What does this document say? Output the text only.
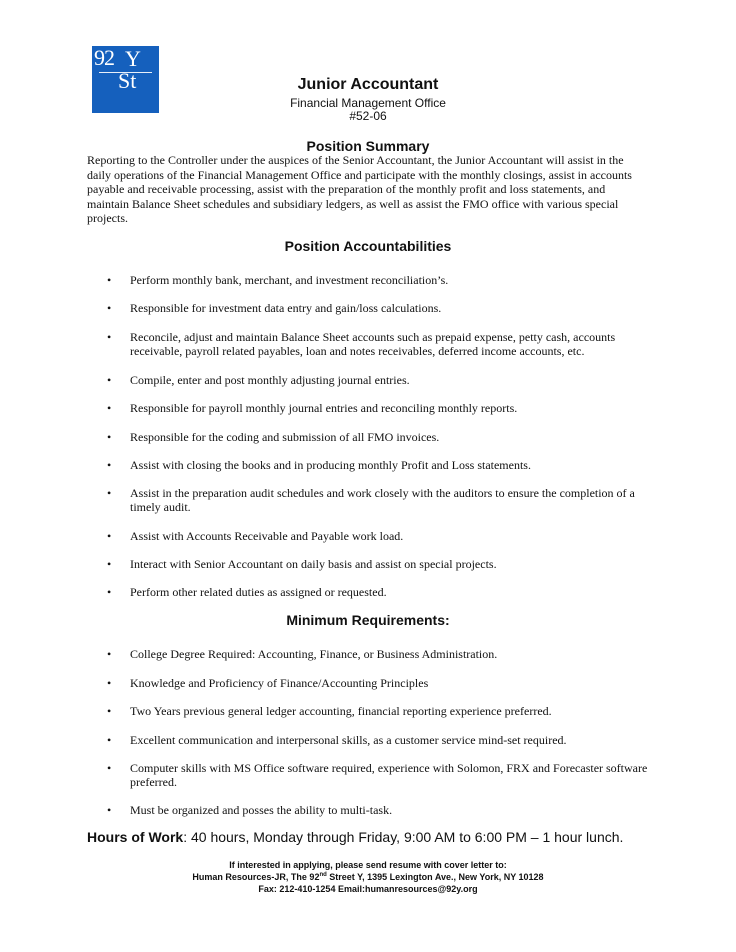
92 Y
St	Junior Accountant
Financial Management Office
#52-06
Position Summary
Reporting to the Controller under the auspices of the Senior Accountant, the Junior Accountant will assist in the daily operations of the Financial Management Office and participate with the monthly closings, assist in accounts payable and receivable processing, assist with the preparation of the monthly profit and loss statements, and maintain Balance Sheet schedules and subsidiary ledgers, as well as assist the FMO office with various special projects.
Position Accountabilities
• Perform monthly bank, merchant, and investment reconciliation’s.
• Responsible for investment data entry and gain/loss calculations.
• Reconcile, adjust and maintain Balance Sheet accounts such as prepaid expense, petty cash, accounts receivable, payroll related payables, loan and notes receivables, deferred income accounts, etc.
• Compile, enter and post monthly adjusting journal entries.
• Responsible for payroll monthly journal entries and reconciling monthly reports.
• Responsible for the coding and submission of all FMO invoices.
• Assist with closing the books and in producing monthly Profit and Loss statements.
• Assist in the preparation audit schedules and work closely with the auditors to ensure the completion of a timely audit.
• Assist with Accounts Receivable and Payable work load.
• Interact with Senior Accountant on daily basis and assist on special projects.
• Perform other related duties as assigned or requested.
Minimum Requirements:
• College Degree Required: Accounting, Finance, or Business Administration.
• Knowledge and Proficiency of Finance/Accounting Principles
• Two Years previous general ledger accounting, financial reporting experience preferred.
• Excellent communication and interpersonal skills, as a customer service mind-set required.
• Computer skills with MS Office software required, experience with Solomon, FRX and Forecaster software preferred.
• Must be organized and posses the ability to multi-task.
Hours of Work: 40 hours, Monday through Friday, 9:00 AM to 6:00 PM – 1 hour lunch.
If interested in applying, please send resume with cover letter to:
Human Resources-JR, The 92nd Street Y, 1395 Lexington Ave., New York, NY 10128
Fax: 212-410-1254 Email:humanresources@92y.org
